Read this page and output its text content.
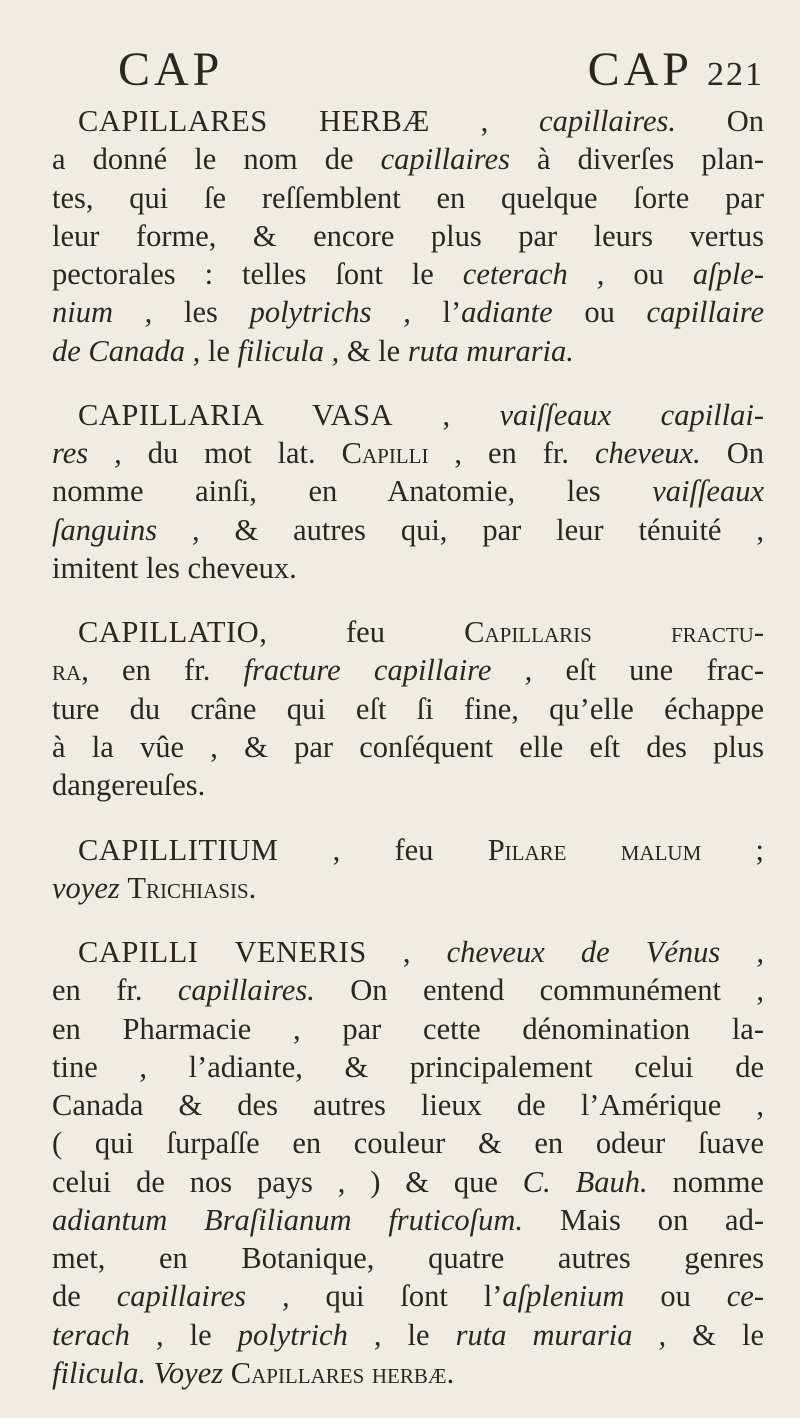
CAP	CAP 221
CAPILLARES HERBÆ , capillaires. On
a donné le nom de capillaires à diverſes plan-
tes, qui ſe reſſemblent en quelque ſorte par
leur forme, & encore plus par leurs vertus
pectorales : telles ſont le ceterach , ou aſple-
nium , les polytrichs , l’adiante ou capillaire
de Canada , le filicula , & le ruta muraria.
CAPILLARIA VASA , vaiſſeaux capillai-
res , du mot lat. Capilli , en fr. cheveux. On
nomme ainſi, en Anatomie, les vaiſſeaux
ſanguins , & autres qui, par leur ténuité ,
imitent les cheveux.
CAPILLATIO, feu Capillaris fractu-
ra, en fr. fracture capillaire , eſt une frac-
ture du crâne qui eſt ſi fine, qu’elle échappe
à la vûe , & par conſéquent elle eſt des plus
dangereuſes.
CAPILLITIUM , feu Pilare malum ;
voyez Trichiasis.
CAPILLI VENERIS , cheveux de Vénus ,
en fr. capillaires. On entend communément ,
en Pharmacie , par cette dénomination la-
tine , l’adiante, & principalement celui de
Canada & des autres lieux de l’Amérique ,
( qui ſurpaſſe en couleur & en odeur ſuave
celui de nos pays , ) & que C. Bauh. nomme
adiantum Braſilianum fruticoſum. Mais on ad-
met, en Botanique, quatre autres genres
de capillaires , qui ſont l’aſplenium ou ce-
terach , le polytrich , le ruta muraria , & le
filicula. Voyez Capillares herbæ.
